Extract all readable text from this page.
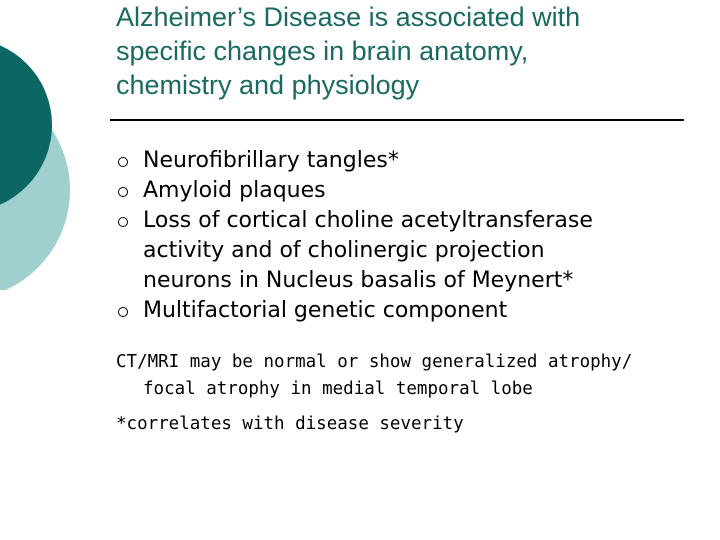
Alzheimer’s Disease is associated with
specific changes in brain anatomy,
chemistry and physiology
Neurofibrillary tangles*
Amyloid plaques
Loss of cortical choline acetyltransferase
activity and of cholinergic projection
neurons in Nucleus basalis of Meynert*
Multifactorial genetic component
CT/MRI may be normal or show generalized atrophy/
focal atrophy in medial temporal lobe
*correlates with disease severity
